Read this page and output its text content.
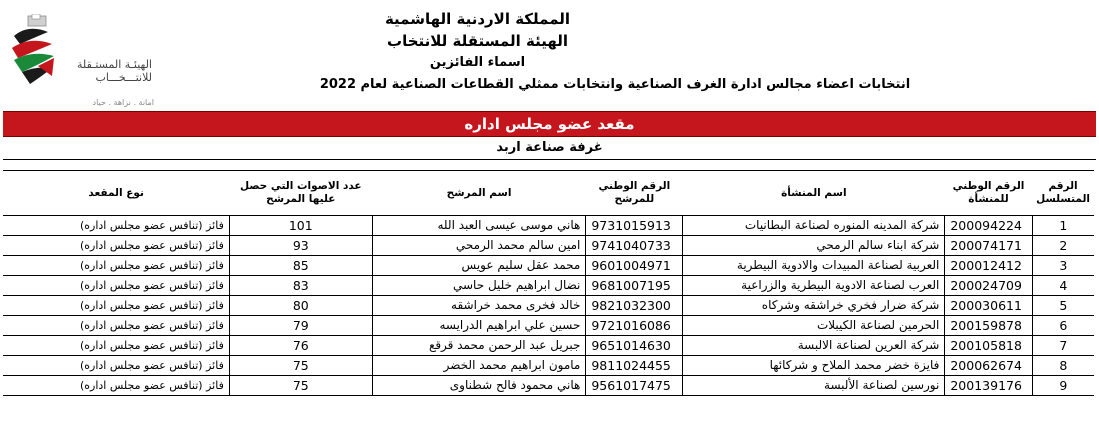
الهيئـة المستـقلة
للانتـــخـــاب
امانة . نزاهة . حياد
المملكة الاردنية الهاشمية
الهيئة المستقلة للانتخاب
اسماء الفائزين
انتخابات اعضاء مجالس ادارة الغرف الصناعية وانتخابات ممثلي القطاعات الصناعية لعام 2022
مقعد عضو مجلس اداره
غرفة صناعة اربد
الرقم المتسلسل	الرقم الوطني للمنشأة	اسم المنشأة	الرقم الوطني للمرشح	اسم المرشح	عدد الاصوات التي حصل عليها المرشح	نوع المقعد
1	200094224	شركة المدينه المنوره لصناعة البطانيات	9731015913	هاني موسى عيسى العبد الله	101	فائز (تنافس عضو مجلس اداره)
2	200074171	شركة ابناء سالم الرمحي	9741040733	امين سالم محمد الرمحي	93	فائز (تنافس عضو مجلس اداره)
3	200012412	العربية لصناعة المبيدات والادوية البيطرية	9601004971	محمد عقل سليم عويس	85	فائز (تنافس عضو مجلس اداره)
4	200024709	العرب لصناعة الادوية البيطرية والزراعية	9681007195	نضال ابراهيم خليل حاسي	83	فائز (تنافس عضو مجلس اداره)
5	200030611	شركة ضرار فخري خراشقه وشركاه	9821032300	خالد فخرى محمد خراشقه	80	فائز (تنافس عضو مجلس اداره)
6	200159878	الحرمين لصناعة الكيبلات	9721016086	حسين علي ابراهيم الدرايسه	79	فائز (تنافس عضو مجلس اداره)
7	200105818	شركة العرين لصناعة الالبسة	9651014630	جبريل عبد الرحمن محمد قرقع	76	فائز (تنافس عضو مجلس اداره)
8	200062674	فايزة خضر محمد الملاح و شركائها	9811024455	مامون ابراهيم محمد الخضر	75	فائز (تنافس عضو مجلس اداره)
9	200139176	نورسين لصناعة الألبسة	9561017475	هاني محمود فالح شطناوى	75	فائز (تنافس عضو مجلس اداره)
